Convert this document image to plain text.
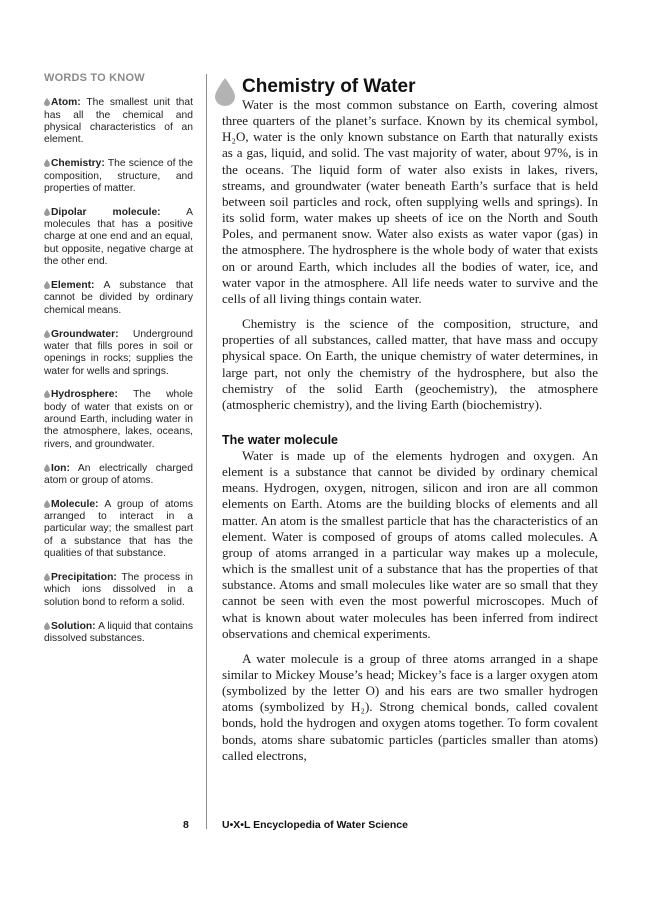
WORDS TO KNOW
Atom: The smallest unit that has all the chemical and physical characteristics of an element.
Chemistry: The science of the composition, structure, and properties of matter.
Dipolar molecule: A molecules that has a positive charge at one end and an equal, but opposite, negative charge at the other end.
Element: A substance that cannot be divided by ordinary chemical means.
Groundwater: Underground water that fills pores in soil or openings in rocks; supplies the water for wells and springs.
Hydrosphere: The whole body of water that exists on or around Earth, including water in the atmosphere, lakes, oceans, rivers, and groundwater.
Ion: An electrically charged atom or group of atoms.
Molecule: A group of atoms arranged to interact in a particular way; the smallest part of a substance that has the qualities of that substance.
Precipitation: The process in which ions dissolved in a solution bond to reform a solid.
Solution: A liquid that contains dissolved substances.
Chemistry of Water

Water is the most common substance on Earth, covering almost three quarters of the planet’s surface. Known by its chemical symbol, H₂O, water is the only known substance on Earth that naturally exists as a gas, liquid, and solid. The vast majority of water, about 97%, is in the oceans. The liquid form of water also exists in lakes, rivers, streams, and groundwater (water beneath Earth’s surface that is held between soil particles and rock, often supplying wells and springs). In its solid form, water makes up sheets of ice on the North and South Poles, and permanent snow. Water also exists as water vapor (gas) in the atmosphere. The hydrosphere is the whole body of water that exists on or around Earth, which includes all the bodies of water, ice, and water vapor in the atmosphere. All life needs water to survive and the cells of all living things contain water.

Chemistry is the science of the composition, structure, and properties of all substances, called matter, that have mass and occupy physical space. On Earth, the unique chemistry of water determines, in large part, not only the chemistry of the hydrosphere, but also the chemistry of the solid Earth (geochemistry), the atmosphere (atmospheric chemistry), and the living Earth (biochemistry).

The water molecule

Water is made up of the elements hydrogen and oxygen. An element is a substance that cannot be divided by ordinary chemical means. Hydrogen, oxygen, nitrogen, silicon and iron are all common elements on Earth. Atoms are the building blocks of elements and all matter. An atom is the smallest particle that has the characteristics of an element. Water is composed of groups of atoms called molecules. A group of atoms arranged in a particular way makes up a molecule, which is the smallest unit of a substance that has the properties of that substance. Atoms and small molecules like water are so small that they cannot be seen with even the most powerful microscopes. Much of what is known about water molecules has been inferred from indirect observations and chemical experiments.

A water molecule is a group of three atoms arranged in a shape similar to Mickey Mouse’s head; Mickey’s face is a larger oxygen atom (symbolized by the letter O) and his ears are two smaller hydrogen atoms (symbolized by H₂). Strong chemical bonds, called covalent bonds, hold the hydrogen and oxygen atoms together. To form covalent bonds, atoms share subatomic particles (particles smaller than atoms) called electrons,

8	U•X•L Encyclopedia of Water Science
